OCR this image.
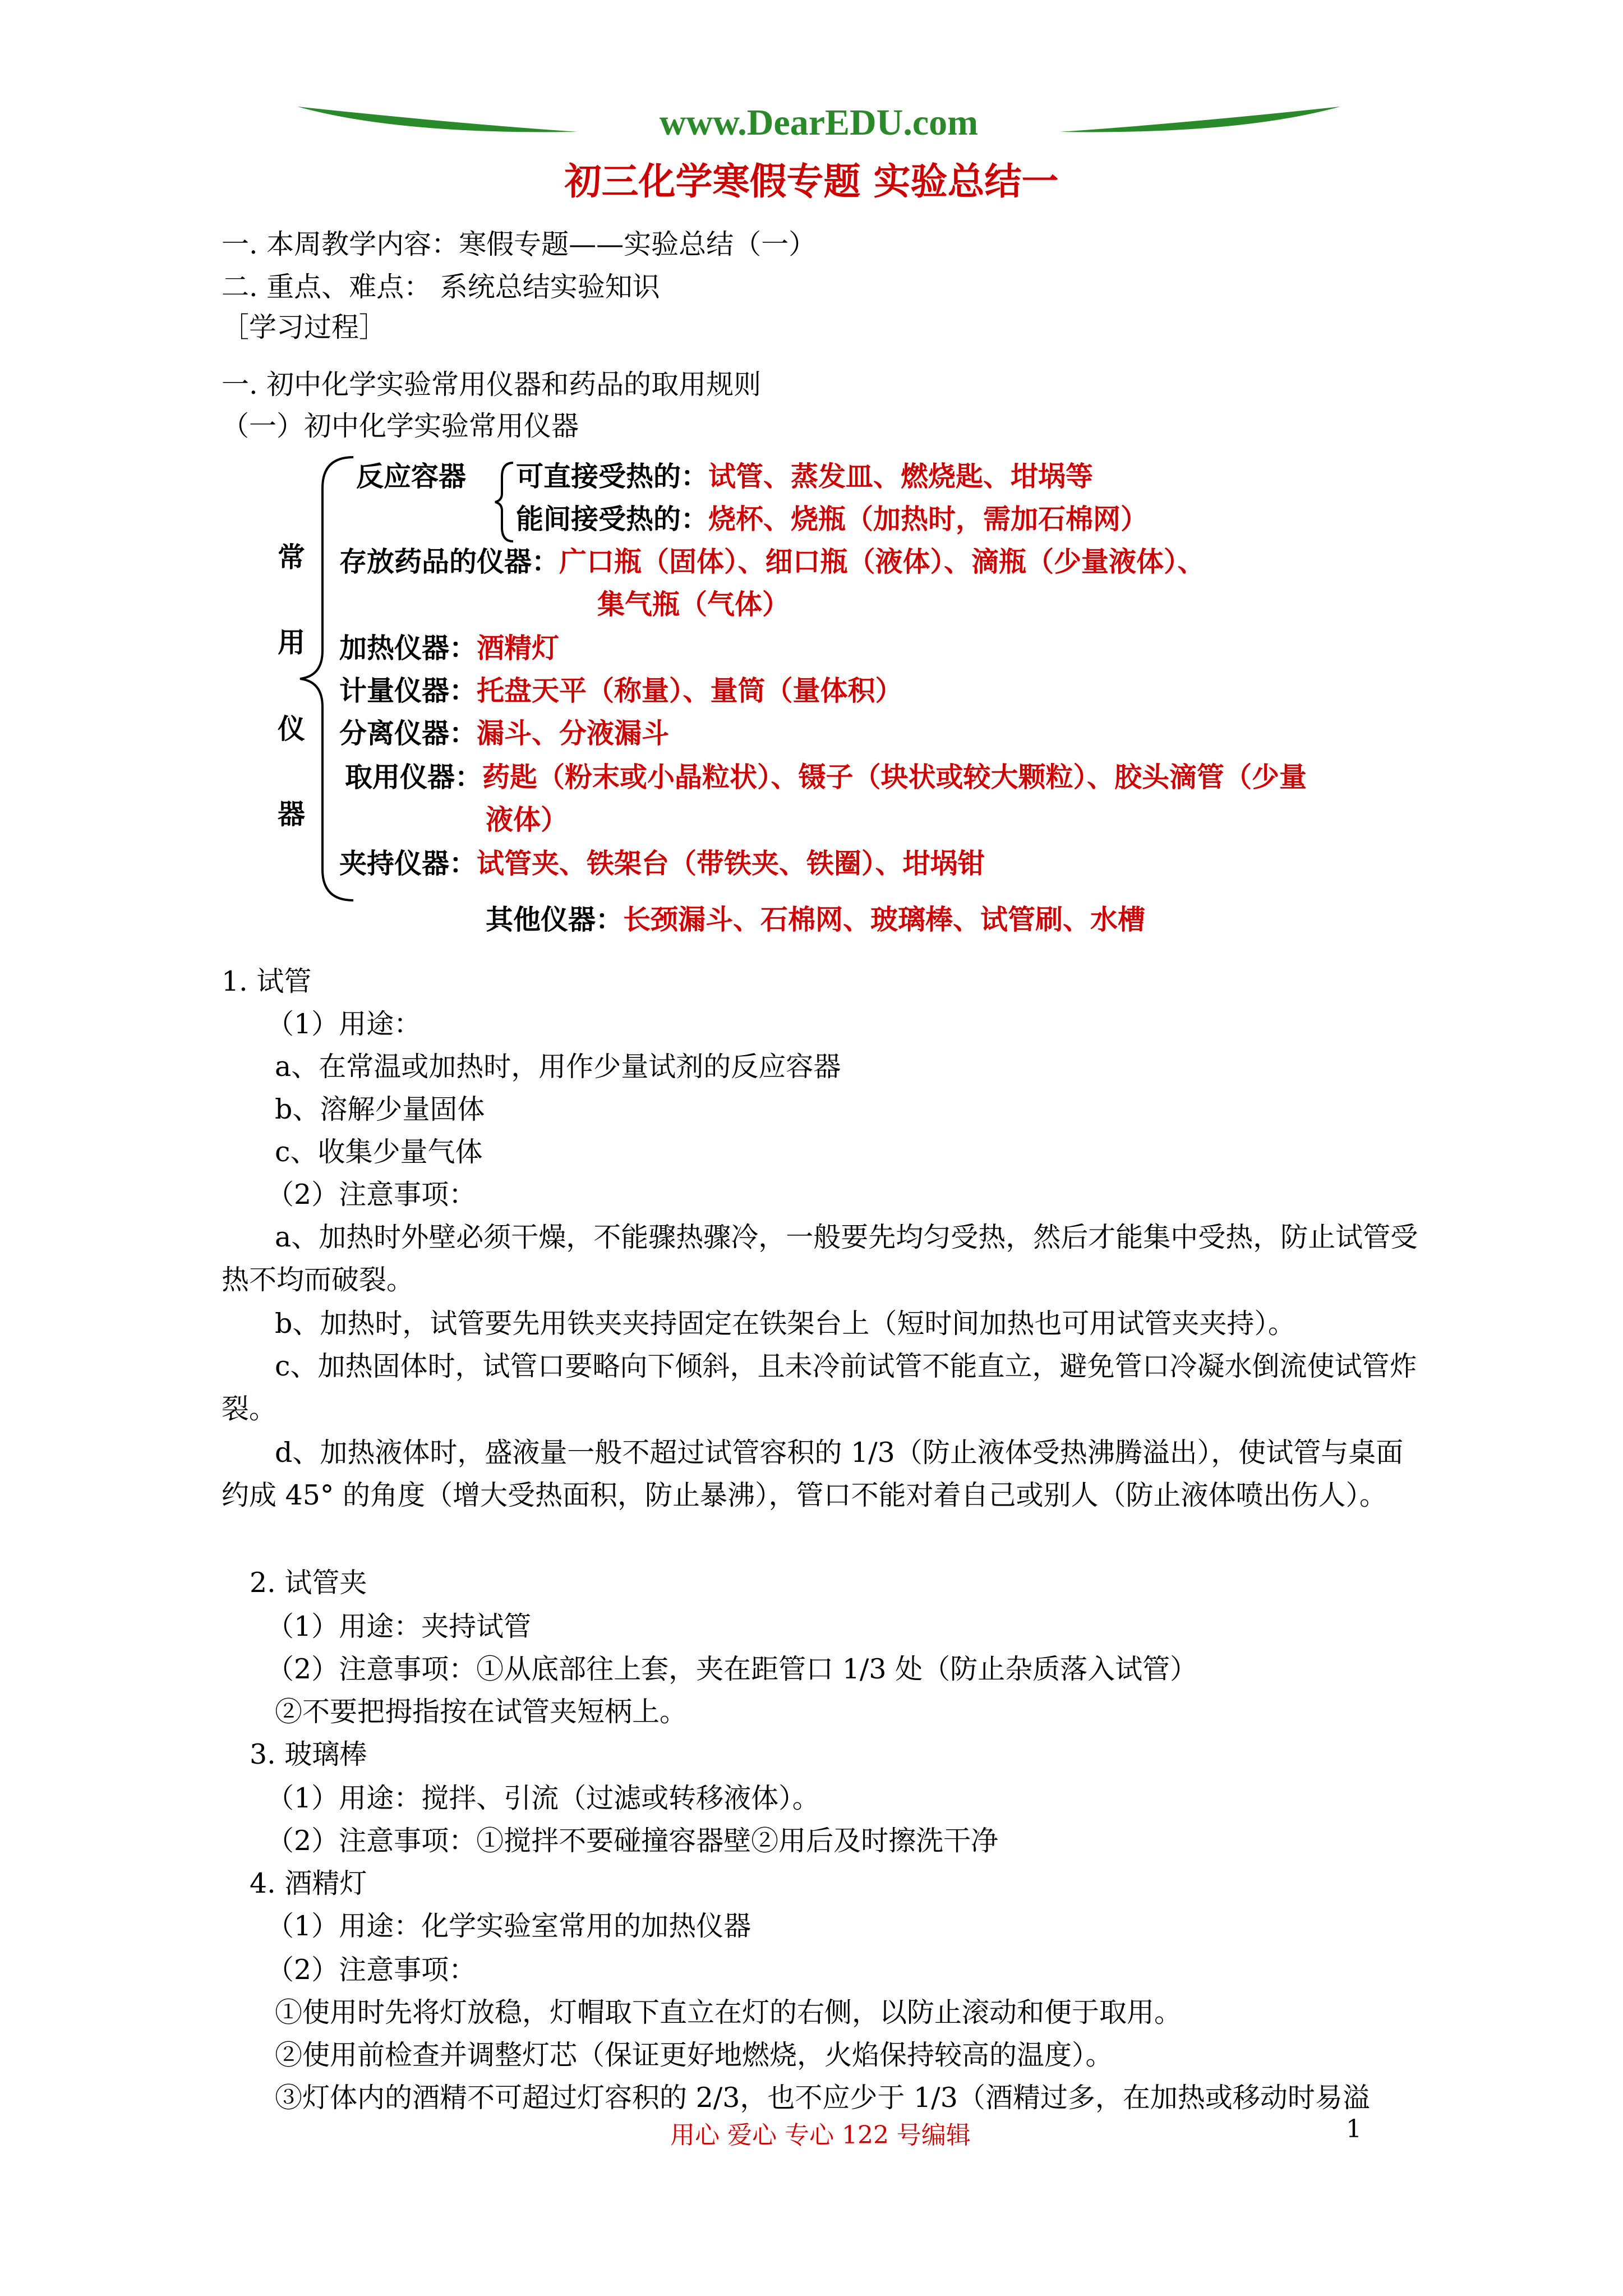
www.DearEDU.com
初三化学寒假专题 实验总结一
一. 本周教学内容：寒假专题——实验总结（一）
二. 重点、难点： 系统总结实验知识
［学习过程］
一. 初中化学实验常用仪器和药品的取用规则
（一）初中化学实验常用仪器
常
用
仪
器
反应容器 可直接受热的：试管、蒸发皿、燃烧匙、坩埚等
能间接受热的：烧杯、烧瓶（加热时，需加石棉网）
存放药品的仪器：广口瓶（固体）、细口瓶（液体）、滴瓶（少量液体）、
集气瓶（气体）
加热仪器：酒精灯
计量仪器：托盘天平（称量）、量筒（量体积）
分离仪器：漏斗、分液漏斗
取用仪器：药匙（粉末或小晶粒状）、镊子（块状或较大颗粒）、胶头滴管（少量
液体）
夹持仪器：试管夹、铁架台（带铁夹、铁圈）、坩埚钳
其他仪器：长颈漏斗、石棉网、玻璃棒、试管刷、水槽
1. 试管
（1）用途：
a、在常温或加热时，用作少量试剂的反应容器
b、溶解少量固体
c、收集少量气体
（2）注意事项：
a、加热时外壁必须干燥，不能骤热骤冷，一般要先均匀受热，然后才能集中受热，防止试管受热不均而破裂。
b、加热时，试管要先用铁夹夹持固定在铁架台上（短时间加热也可用试管夹夹持）。
c、加热固体时，试管口要略向下倾斜，且未冷前试管不能直立，避免管口冷凝水倒流使试管炸裂。
d、加热液体时，盛液量一般不超过试管容积的 1/3（防止液体受热沸腾溢出），使试管与桌面约成 45° 的角度（增大受热面积，防止暴沸），管口不能对着自己或别人（防止液体喷出伤人）。
2. 试管夹
（1）用途：夹持试管
（2）注意事项：①从底部往上套，夹在距管口 1/3 处（防止杂质落入试管）
②不要把拇指按在试管夹短柄上。
3. 玻璃棒
（1）用途：搅拌、引流（过滤或转移液体）。
（2）注意事项：①搅拌不要碰撞容器壁②用后及时擦洗干净
4. 酒精灯
（1）用途：化学实验室常用的加热仪器
（2）注意事项：
①使用时先将灯放稳，灯帽取下直立在灯的右侧，以防止滚动和便于取用。
②使用前检查并调整灯芯（保证更好地燃烧，火焰保持较高的温度）。
③灯体内的酒精不可超过灯容积的 2/3，也不应少于 1/3（酒精过多，在加热或移动时易溢
用心 爱心 专心 122 号编辑	1
